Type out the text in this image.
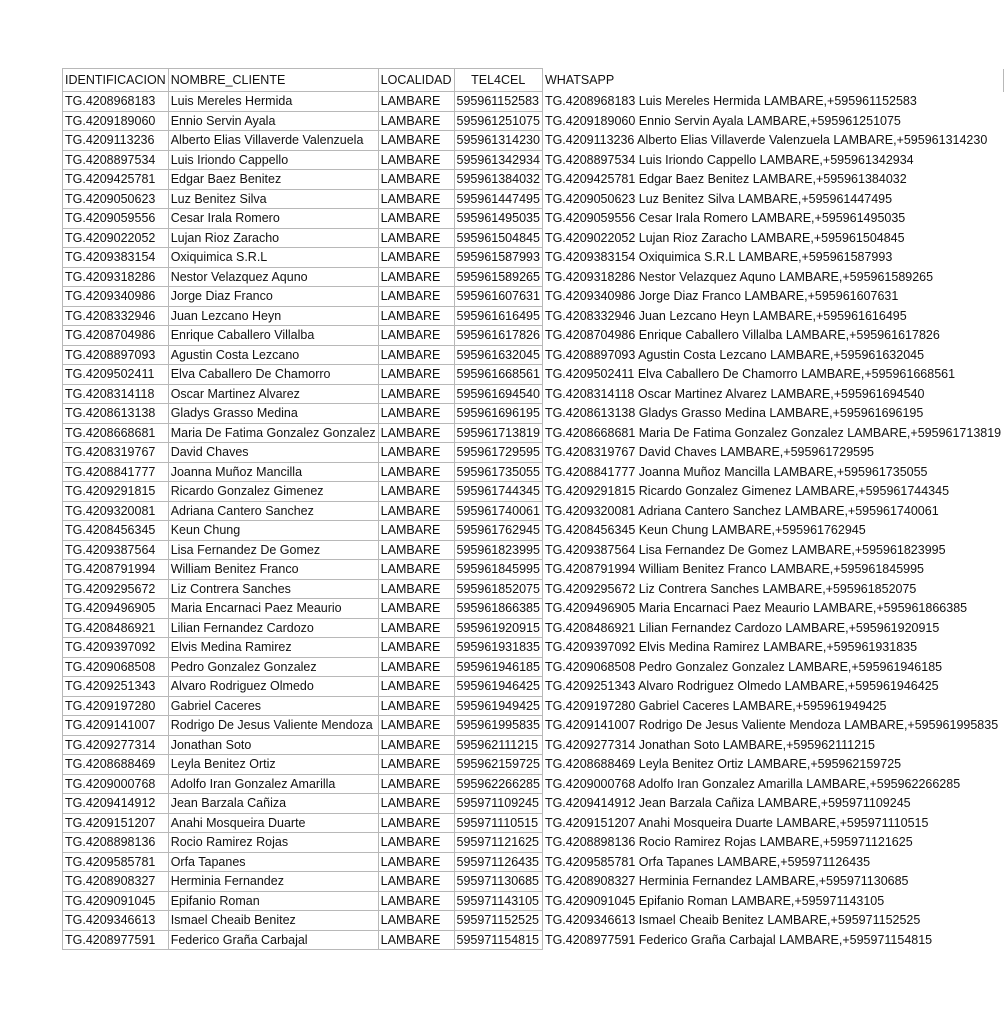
IDENTIFICACION	NOMBRE_CLIENTE	LOCALIDAD	TEL4CEL	WHATSAPP
TG.4208968183	Luis Mereles Hermida	LAMBARE	595961152583	TG.4208968183 Luis Mereles Hermida LAMBARE,+595961152583
TG.4209189060	Ennio Servin Ayala	LAMBARE	595961251075	TG.4209189060 Ennio Servin Ayala LAMBARE,+595961251075
TG.4209113236	Alberto Elias Villaverde Valenzuela	LAMBARE	595961314230	TG.4209113236 Alberto Elias Villaverde Valenzuela LAMBARE,+595961314230
TG.4208897534	Luis Iriondo Cappello	LAMBARE	595961342934	TG.4208897534 Luis Iriondo Cappello LAMBARE,+595961342934
TG.4209425781	Edgar Baez Benitez	LAMBARE	595961384032	TG.4209425781 Edgar Baez Benitez LAMBARE,+595961384032
TG.4209050623	Luz Benitez Silva	LAMBARE	595961447495	TG.4209050623 Luz Benitez Silva LAMBARE,+595961447495
TG.4209059556	Cesar Irala Romero	LAMBARE	595961495035	TG.4209059556 Cesar Irala Romero LAMBARE,+595961495035
TG.4209022052	Lujan Rioz Zaracho	LAMBARE	595961504845	TG.4209022052 Lujan Rioz Zaracho LAMBARE,+595961504845
TG.4209383154	Oxiquimica S.R.L	LAMBARE	595961587993	TG.4209383154 Oxiquimica S.R.L LAMBARE,+595961587993
TG.4209318286	Nestor Velazquez Aquno	LAMBARE	595961589265	TG.4209318286 Nestor Velazquez Aquno LAMBARE,+595961589265
TG.4209340986	Jorge Diaz Franco	LAMBARE	595961607631	TG.4209340986 Jorge Diaz Franco LAMBARE,+595961607631
TG.4208332946	Juan Lezcano Heyn	LAMBARE	595961616495	TG.4208332946 Juan Lezcano Heyn LAMBARE,+595961616495
TG.4208704986	Enrique Caballero Villalba	LAMBARE	595961617826	TG.4208704986 Enrique Caballero Villalba LAMBARE,+595961617826
TG.4208897093	Agustin Costa Lezcano	LAMBARE	595961632045	TG.4208897093 Agustin Costa Lezcano LAMBARE,+595961632045
TG.4209502411	Elva Caballero De Chamorro	LAMBARE	595961668561	TG.4209502411 Elva Caballero De Chamorro LAMBARE,+595961668561
TG.4208314118	Oscar Martinez Alvarez	LAMBARE	595961694540	TG.4208314118 Oscar Martinez Alvarez LAMBARE,+595961694540
TG.4208613138	Gladys Grasso Medina	LAMBARE	595961696195	TG.4208613138 Gladys Grasso Medina LAMBARE,+595961696195
TG.4208668681	Maria De Fatima Gonzalez Gonzalez	LAMBARE	595961713819	TG.4208668681 Maria De Fatima Gonzalez Gonzalez LAMBARE,+595961713819
TG.4208319767	David Chaves	LAMBARE	595961729595	TG.4208319767 David Chaves LAMBARE,+595961729595
TG.4208841777	Joanna Muñoz Mancilla	LAMBARE	595961735055	TG.4208841777 Joanna Muñoz Mancilla LAMBARE,+595961735055
TG.4209291815	Ricardo Gonzalez Gimenez	LAMBARE	595961744345	TG.4209291815 Ricardo Gonzalez Gimenez LAMBARE,+595961744345
TG.4209320081	Adriana Cantero Sanchez	LAMBARE	595961740061	TG.4209320081 Adriana Cantero Sanchez LAMBARE,+595961740061
TG.4208456345	Keun Chung	LAMBARE	595961762945	TG.4208456345 Keun Chung LAMBARE,+595961762945
TG.4209387564	Lisa Fernandez De Gomez	LAMBARE	595961823995	TG.4209387564 Lisa Fernandez De Gomez LAMBARE,+595961823995
TG.4208791994	William Benitez Franco	LAMBARE	595961845995	TG.4208791994 William Benitez Franco LAMBARE,+595961845995
TG.4209295672	Liz Contrera Sanches	LAMBARE	595961852075	TG.4209295672 Liz Contrera Sanches LAMBARE,+595961852075
TG.4209496905	Maria Encarnaci Paez Meaurio	LAMBARE	595961866385	TG.4209496905 Maria Encarnaci Paez Meaurio LAMBARE,+595961866385
TG.4208486921	Lilian Fernandez Cardozo	LAMBARE	595961920915	TG.4208486921 Lilian Fernandez Cardozo LAMBARE,+595961920915
TG.4209397092	Elvis Medina Ramirez	LAMBARE	595961931835	TG.4209397092 Elvis Medina Ramirez LAMBARE,+595961931835
TG.4209068508	Pedro Gonzalez Gonzalez	LAMBARE	595961946185	TG.4209068508 Pedro Gonzalez Gonzalez LAMBARE,+595961946185
TG.4209251343	Alvaro Rodriguez Olmedo	LAMBARE	595961946425	TG.4209251343 Alvaro Rodriguez Olmedo LAMBARE,+595961946425
TG.4209197280	Gabriel Caceres	LAMBARE	595961949425	TG.4209197280 Gabriel Caceres LAMBARE,+595961949425
TG.4209141007	Rodrigo De Jesus Valiente Mendoza	LAMBARE	595961995835	TG.4209141007 Rodrigo De Jesus Valiente Mendoza LAMBARE,+595961995835
TG.4209277314	Jonathan Soto	LAMBARE	595962111215	TG.4209277314 Jonathan Soto LAMBARE,+595962111215
TG.4208688469	Leyla Benitez Ortiz	LAMBARE	595962159725	TG.4208688469 Leyla Benitez Ortiz LAMBARE,+595962159725
TG.4209000768	Adolfo Iran Gonzalez Amarilla	LAMBARE	595962266285	TG.4209000768 Adolfo Iran Gonzalez Amarilla LAMBARE,+595962266285
TG.4209414912	Jean Barzala Cañiza	LAMBARE	595971109245	TG.4209414912 Jean Barzala Cañiza LAMBARE,+595971109245
TG.4209151207	Anahi Mosqueira Duarte	LAMBARE	595971110515	TG.4209151207 Anahi Mosqueira Duarte LAMBARE,+595971110515
TG.4208898136	Rocio Ramirez Rojas	LAMBARE	595971121625	TG.4208898136 Rocio Ramirez Rojas LAMBARE,+595971121625
TG.4209585781	Orfa Tapanes	LAMBARE	595971126435	TG.4209585781 Orfa Tapanes LAMBARE,+595971126435
TG.4208908327	Herminia Fernandez	LAMBARE	595971130685	TG.4208908327 Herminia Fernandez LAMBARE,+595971130685
TG.4209091045	Epifanio Roman	LAMBARE	595971143105	TG.4209091045 Epifanio Roman LAMBARE,+595971143105
TG.4209346613	Ismael Cheaib Benitez	LAMBARE	595971152525	TG.4209346613 Ismael Cheaib Benitez LAMBARE,+595971152525
TG.4208977591	Federico Graña Carbajal	LAMBARE	595971154815	TG.4208977591 Federico Graña Carbajal LAMBARE,+595971154815
